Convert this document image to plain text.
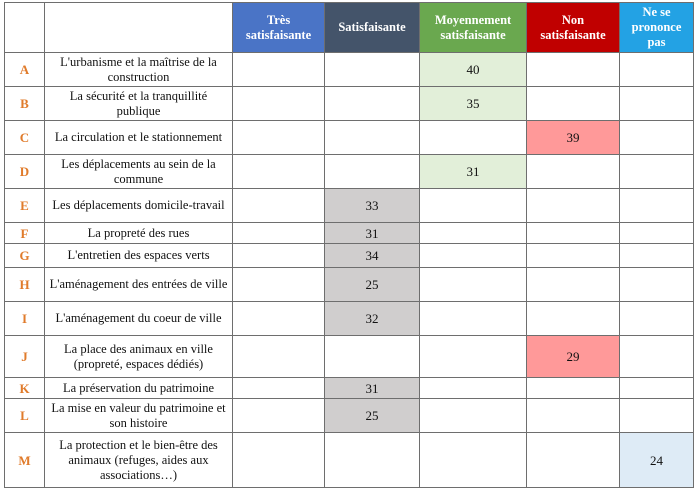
		Très satisfaisante	Satisfaisante	Moyennement satisfaisante	Non satisfaisante	Ne se prononce pas
A	L'urbanisme et la maîtrise de la construction			40		
B	La sécurité et la tranquillité publique			35		
C	La circulation et le stationnement				39	
D	Les déplacements au sein de la commune			31		
E	Les déplacements domicile-travail		33			
F	La propreté des rues		31			
G	L'entretien des espaces verts		34			
H	L'aménagement des entrées de ville		25			
I	L'aménagement du coeur de ville		32			
J	La place des animaux en ville (propreté, espaces dédiés)				29	
K	La préservation du patrimoine		31			
L	La mise en valeur du patrimoine et son histoire		25			
M	La protection et le bien-être des animaux (refuges, aides aux associations…)					24
